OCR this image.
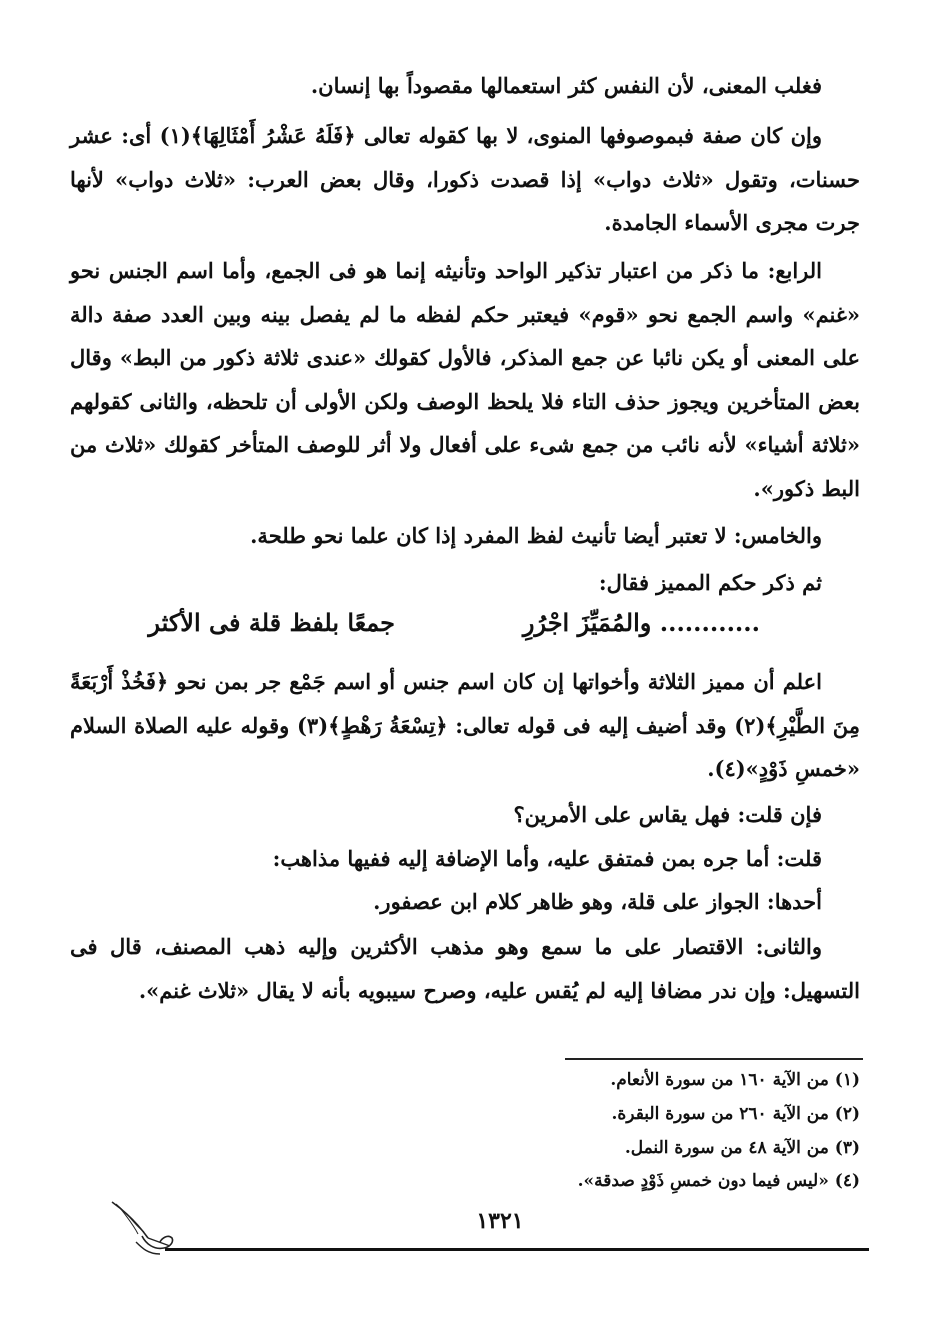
فغلب المعنى، لأن النفس كثر استعمالها مقصوداً بها إنسان.

وإن كان صفة فبموصوفها المنوى، لا بها كقوله تعالى ﴿فَلَهُ عَشْرُ أَمْثَالِهَا﴾(١) أى: عشر حسنات، وتقول «ثلاث دواب» إذا قصدت ذكورا، وقال بعض العرب: «ثلاث دواب» لأنها جرت مجرى الأسماء الجامدة.

الرابع: ما ذكر من اعتبار تذكير الواحد وتأنيثه إنما هو فى الجمع، وأما اسم الجنس نحو «غنم» واسم الجمع نحو «قوم» فيعتبر حكم لفظه ما لم يفصل بينه وبين العدد صفة دالة على المعنى أو يكن نائبا عن جمع المذكر، فالأول كقولك «عندى ثلاثة ذكور من البط» وقال بعض المتأخرين ويجوز حذف التاء فلا يلحظ الوصف ولكن الأولى أن تلحظه، والثانى كقولهم «ثلاثة أشياء» لأنه نائب من جمع شىء على أفعال ولا أثر للوصف المتأخر كقولك «ثلاث من البط ذكور».

والخامس: لا تعتبر أيضا تأنيث لفظ المفرد إذا كان علما نحو طلحة.

ثم ذكر حكم المميز فقال:

............ والمُمَيِّزَ اجْرُرِ
جمعًا بلفظ قلة فى الأكثر

اعلم أن مميز الثلاثة وأخواتها إن كان اسم جنس أو اسم جَمْع جر بمن نحو ﴿فَخُذْ أَرْبَعَةً مِنَ الطَّيْرِ﴾(٢) وقد أضيف إليه فى قوله تعالى: ﴿تِسْعَةُ رَهْطٍ﴾(٣) وقوله عليه الصلاة السلام «خمسِ ذَوْدٍ»(٤).

فإن قلت: فهل يقاس على الأمرين؟

قلت: أما جره بمن فمتفق عليه، وأما الإضافة إليه ففيها مذاهب:

أحدها: الجواز على قلة، وهو ظاهر كلام ابن عصفور.

والثانى: الاقتصار على ما سمع وهو مذهب الأكثرين وإليه ذهب المصنف، قال فى التسهيل: وإن ندر مضافا إليه لم يُقس عليه، وصرح سيبويه بأنه لا يقال «ثلاث غنم».

(١) من الآية ١٦٠ من سورة الأنعام.

(٢) من الآية ٢٦٠ من سورة البقرة.

(٣) من الآية ٤٨ من سورة النمل.

(٤) «ليس فيما دون خمسِ ذَوْدٍ صدقة».

١٣٢١
